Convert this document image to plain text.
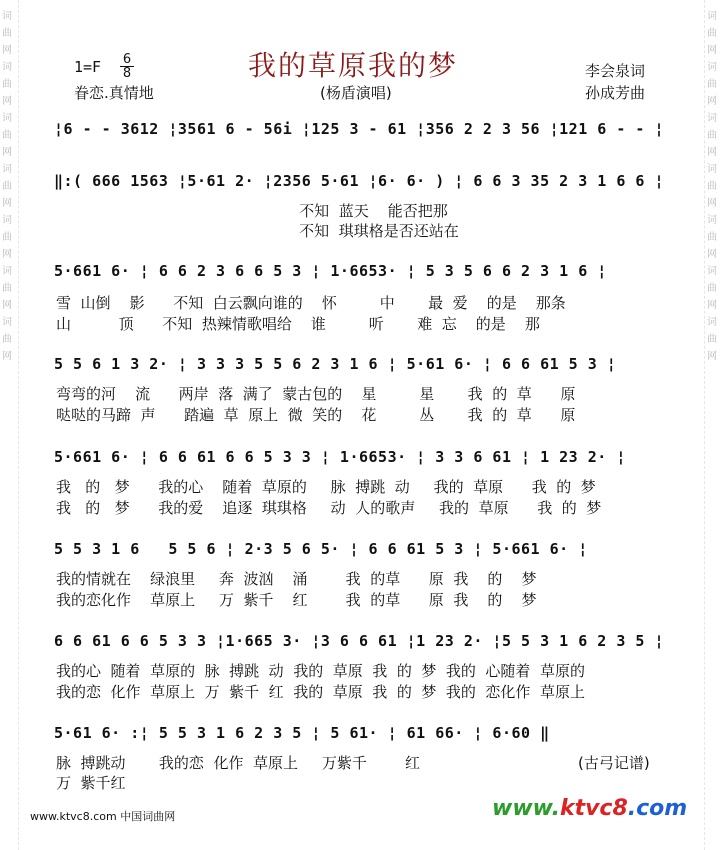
词
曲
网
词
曲
网
词
曲
网
词
曲
网
词
曲
网
词
曲
网
词
曲
网
词
曲
网
词
曲
网
词
曲
网
词
曲
网
词
曲
网
词
曲
网
词
曲
网
我的草原我的梦
1=F 6
8
眷恋.真情地	(杨盾演唱)
李会泉词
孙成芳曲
¦6 - - 3612 ¦3561 6 - 56i ¦125 3 - 61 ¦356 2 2 3 56 ¦121 6 - - ¦
‖:( 666 1563 ¦5·61 2· ¦2356 5·61 ¦6· 6· ) ¦ 6 6 3 35 2 3 1 6 6 ¦
不知  蓝天    能否把那
不知  琪琪格是否还站在
5·661 6· ¦ 6 6 2 3 6 6 5 3 ¦ 1·6653· ¦ 5 3 5 6 6 2 3 1 6 ¦
雪  山倒    影      不知  白云飘向谁的    怀         中       最  爱    的是    那条
山          顶      不知  热辣情歌唱给    谁         听       难  忘    的是    那
5 5 6 1 3 2· ¦ 3 3 3 5 5 6 2 3 1 6 ¦ 5·61 6· ¦ 6 6 61 5 3 ¦
弯弯的河    流      两岸  落  满了  蒙古包的    星         星       我  的  草      原
哒哒的马蹄  声      踏遍  草  原上  微  笑的    花         丛       我  的  草      原
5·661 6· ¦ 6 6 61 6 6 5 3 3 ¦ 1·6653· ¦ 3 3 6 61 ¦ 1 23 2· ¦
我   的   梦      我的心    随着  草原的     脉  搏跳  动     我的  草原      我  的  梦
我   的   梦      我的爱    追逐  琪琪格     动  人的歌声     我的  草原      我  的  梦
5 5 3 1 6   5 5 6 ¦ 2·3 5 6 5· ¦ 6 6 61 5 3 ¦ 5·661 6· ¦
我的情就在    绿浪里     奔  波汹    涌        我  的草      原  我    的    梦
我的恋化作    草原上     万  紫千    红        我  的草      原  我    的    梦
6 6 61 6 6 5 3 3 ¦1·665 3· ¦3 6 6 61 ¦1 23 2· ¦5 5 3 1 6 2 3 5 ¦
我的心  随着  草原的  脉  搏跳  动  我的  草原  我  的  梦  我的  心随着  草原的
我的恋  化作  草原上  万  紫千  红  我的  草原  我  的  梦  我的  恋化作  草原上
5·61 6· :¦ 5 5 3 1 6 2 3 5 ¦ 5 61· ¦ 61 66· ¦ 6·60 ‖
脉  搏跳动       我的恋  化作  草原上     万紫千        红
万  紫千红
(古弓记谱)
www.ktvc8.com 中国词曲网	www.ktvc8.com
